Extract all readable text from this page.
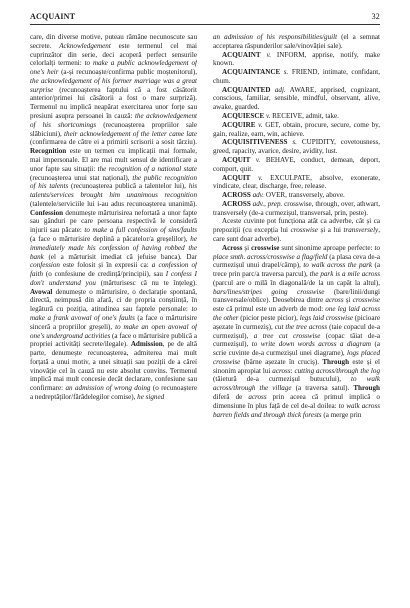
ACQUAINT	32

care, din diverse motive, puteau rămâne necunoscute sau secrete. Acknowledgement este termenul cel mai cuprinzător din serie, deci acoperă perfect sensurile celorlalți termeni: to make a public acknowledgement of one's heir (a-și recunoaște/confirma public moștenitorul), the acknowledgement of his former marriage was a great surprise (recunoașterea faptului că a fost căsătorit anterior/primei lui căsătorii a fost o mare surpriză). Termenul nu implică neapărat exercitarea unor forțe sau presiuni asupra persoanei în cauză: the acknowledgement of his shortcomings (recunoașterea propriilor sale slăbiciuni), their acknowledgement of the letter came late (confirmarea de către ei a primirii scrisorii a sosit târziu). Recognition este un termen cu implicații mai formale, mai impersonale. El are mai mult sensul de identificare a unor fapte sau situații: the recognition of a national state (recunoașterea unui stat național), the public recognition of his talents (recunoașterea publică a talentelor lui), his talents/services brought him unanimous recognition (talentele/serviciile lui i-au adus recunoașterea unanimă). Confession denumește mărturisirea nefortată a unor fapte sau gânduri pe care persoana respectivă le consideră injurii sau păcate: to make a full confession of sins/faults (a face o mărturisire deplină a păcatelor/a greșelilor), he immediately made his confession of having robbed the bank (el a mărturisit imediat că jefuise banca). Dar confession este folosit și în expresii ca: a confession of faith (o confesiune de credință/principii), sau I confess I don't understand you (mărturisesc că nu te înțeleg). Avowal denumește o mărturisire, o declarație spontană, directă, neimpusă din afară, ci de propria conștiință, în legătură cu poziția, atitudinea sau faptele personale: to make a frank avowal of one's faults (a face o mărturisire sinceră a propriilor greșeli), to make an open avowal of one's underground activities (a face o mărturisire publică a propriei activități secrete/ilegale). Admission, pe de altă parte, denumește recunoașterea, admiterea mai mult forțată a unui motiv, a unei situații sau poziții de a căreí vinovăție cel în cauză nu este absolut convins. Termenul implică mai mult concesie decât declarare, confesiune sau confirmare: an admission of wrong doing (o recunoaștere a nedreptăților/fărădelegilor comise), he signed

an admission of his responsibilities/guilt (el a semnat acceptarea răspunderilor sale/vinovăției sale).

ACQUAINT v. INFORM, apprise, notify, make known.

ACQUAINTANCE s. FRIEND, intimate, confidant, chum.

ACQUAINTED adj. AWARE, apprised, cognizant, conscious, familiar, sensible, mindful, observant, alive, awake, guarded.

ACQUIESCE v. RECEIVE, admit, take.

ACQUIRE v. GET, obtain, procure, secure, come by, gain, realize, earn, win, achieve.

ACQUISITIVENESS s. CUPIDITY, covetousness, greed, rapacity, avarice, desire, avidity, lust.

ACQUIT v. BEHAVE, conduct, demean, deport, comport, quit.

ACQUIT v. EXCULPATE, absolve, exonerate, vindicate, clear, discharge, free, release.

ACROSS adv. OVER, transversely, above.

ACROSS adv., prep. crosswise, through, over, athwart, transversely (de-a curmezișul, transversal, prin, peste).

Aceste cuvinte pot funcționa atât ca adverbe, cât și ca prepoziții (cu excepția lui crosswise și a lui transversely, care sunt doar adverbe).

Across și crosswise sunt sinonime aproape perfecte: to place smth. across/crosswise a flag/field (a plasa ceva de-a curmezișul unui drapel/câmp), to walk across the park (a trece prin parc/a traversa parcul), the park is a mile across (parcul are o milă în diagonală/de la un capăt la altul), bars/lines/stripes going crosswise (bare/linii/dungi transversale/oblice). Deosebirea dintre across și crosswise este că primul este un adverb de mod: one leg laid across the other (picior peste picior), legs laid crosswise (picioare așezate în curmeziș), cut the tree across (taie copacul de-a curmezișul), a tree cut crosswise (copac tăiat de-a curmezișul), to write down words across a diagram (a scrie cuvinte de-a curmezișul unei diagrame), logs placed crosswise (bârne așezate în cruciș). Through este și el sinonim apropiat lui across: cutting across/through the log (tăietură de-a curmezișul butucului), to walk across/through the village (a traversa satul). Through diferă de across prin aceea că primul implică o dimensiune în plus față de cel de-al doilea: to walk across barren fields and through thick forests (a merge prin
